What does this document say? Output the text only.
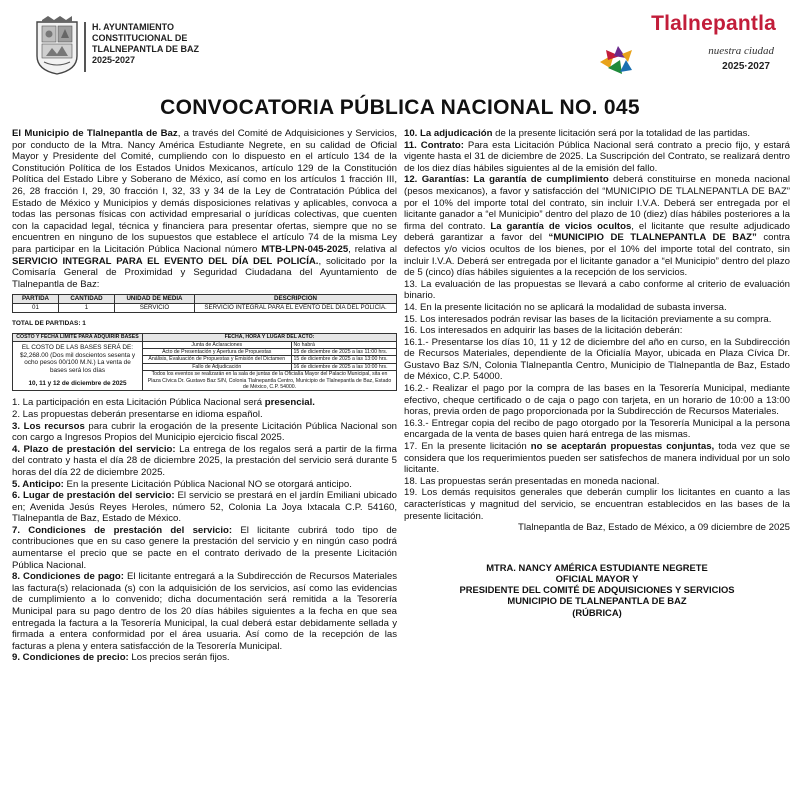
H. AYUNTAMIENTO
CONSTITUCIONAL DE
TLALNEPANTLA DE BAZ
2025-2027
Tlalnepantla
nuestra ciudad
2025·2027
CONVOCATORIA PÚBLICA NACIONAL NO. 045

El Municipio de Tlalnepantla de Baz, a través del Comité de Adquisiciones y Servicios, por conducto de la Mtra. Nancy América Estudiante Negrete, en su calidad de Oficial Mayor y Presidente del Comité, cumpliendo con lo dispuesto en el artículo 134 de la Constitución Política de los Estados Unidos Mexicanos, artículo 129 de la Constitución Política del Estado Libre y Soberano de México, así como en los artículos 1 fracción III, 26, 28 fracción I, 29, 30 fracción I, 32, 33 y 34 de la Ley de Contratación Pública del Estado de México y Municipios y demás disposiciones relativas y aplicables, convoca a todas las personas físicas con actividad empresarial o jurídicas colectivas, que cuenten con la capacidad legal, técnica y financiera para presentar ofertas, siempre que no se encuentren en ninguno de los supuestos que establece el artículo 74 de la misma Ley para participar en la Licitación Pública Nacional número MTB-LPN-045-2025, relativa al SERVICIO INTEGRAL PARA EL EVENTO DEL DÍA DEL POLICÍA., solicitado por la Comisaría General de Proximidad y Seguridad Ciudadana del Ayuntamiento de Tlalnepantla de Baz:

PARTIDA	CANTIDAD	UNIDAD DE MEDIA	DESCRIPCIÓN
01	1	SERVICIO	SERVICIO INTEGRAL PARA EL EVENTO DEL DÍA DEL POLICÍA.
TOTAL DE PARTIDAS: 1
COSTO Y FECHA LÍMITE PARA ADQUIRIR BASES	FECHA, HORA Y LUGAR DEL ACTO:	

EL COSTO DE LAS BASES SERÁ DE: $2,268.00 (Dos mil doscientos sesenta y ocho pesos 00/100 M.N.) La venta de bases será los días
10, 11 y 12 de diciembre de 2025	Junta de Aclaraciones	No habrá
	Acto de Presentación y Apertura de Propuestas	15 de diciembre de 2025 a las 11:00 hrs.
	Análisis, Evaluación de Propuestas y Emisión del Dictamen	15 de diciembre de 2025 a las 13:00 hrs.
	Fallo de Adjudicación	16 de diciembre de 2025 a las 10:00 hrs.
	Todos los eventos se realizarán en la sala de juntas de la Oficialía Mayor del Palacio Municipal, sita en Plaza Cívica Dr. Gustavo Baz S/N, Colonia Tlalnepantla Centro, Municipio de Tlalnepantla de Baz, Estado de México, C.P. 54000.	

1. La participación en esta Licitación Pública Nacional será presencial.

2. Las propuestas deberán presentarse en idioma español.

3. Los recursos para cubrir la erogación de la presente Licitación Pública Nacional son con cargo a Ingresos Propios del Municipio ejercicio fiscal 2025.

4. Plazo de prestación del servicio: La entrega de los regalos será a partir de la firma del contrato y hasta el día 28 de diciembre 2025, la prestación del servicio será durante 5 horas del día 22 de diciembre 2025.

5. Anticipo: En la presente Licitación Pública Nacional NO se otorgará anticipo.

6. Lugar de prestación del servicio: El servicio se prestará en el jardín Emiliani ubicado en; Avenida Jesús Reyes Heroles, número 52, Colonia La Joya Ixtacala C.P. 54160, Tlalnepantla de Baz, Estado de México.

7. Condiciones de prestación del servicio: El licitante cubrirá todo tipo de contribuciones que en su caso genere la prestación del servicio y en ningún caso podrá aumentarse el precio que se pacte en el contrato derivado de la presente Licitación Pública Nacional.

8. Condiciones de pago: El licitante entregará a la Subdirección de Recursos Materiales las factura(s) relacionada (s) con la adquisición de los servicios, así como las evidencias de cumplimiento a lo convenido; dicha documentación será remitida a la Tesorería Municipal para su pago dentro de los 20 días hábiles siguientes a la fecha en que sea entregada la factura a la Tesorería Municipal, la cual deberá estar debidamente sellada y firmada a entera conformidad por el área usuaria. Así como de la recepción de las facturas a plena y entera satisfacción de la Tesorería Municipal.

9. Condiciones de precio: Los precios serán fijos.

10. La adjudicación de la presente licitación será por la totalidad de las partidas.

11. Contrato: Para esta Licitación Pública Nacional será contrato a precio fijo, y estará vigente hasta el 31 de diciembre de 2025. La Suscripción del Contrato, se realizará dentro de los diez días hábiles siguientes al de la emisión del fallo.

12. Garantías: La garantía de cumplimiento deberá constituirse en moneda nacional (pesos mexicanos), a favor y satisfacción del “MUNICIPIO DE TLALNEPANTLA DE BAZ” por el 10% del importe total del contrato, sin incluir I.V.A. Deberá ser entregada por el licitante ganador a “el Municipio” dentro del plazo de 10 (diez) días hábiles posteriores a la firma del contrato. La garantía de vicios ocultos, el licitante que resulte adjudicado deberá garantizar a favor del “MUNICIPIO DE TLALNEPANTLA DE BAZ” contra defectos y/o vicios ocultos de los bienes, por el 10% del importe total del contrato, sin incluir I.V.A. Deberá ser entregada por el licitante ganador a “el Municipio” dentro del plazo de 5 (cinco) días hábiles siguientes a la recepción de los servicios.

13. La evaluación de las propuestas se llevará a cabo conforme al criterio de evaluación binario.

14. En la presente licitación no se aplicará la modalidad de subasta inversa.

15. Los interesados podrán revisar las bases de la licitación previamente a su compra.

16. Los interesados en adquirir las bases de la licitación deberán:

16.1.- Presentarse los días 10, 11 y 12 de diciembre del año en curso, en la Subdirección de Recursos Materiales, dependiente de la Oficialía Mayor, ubicada en Plaza Cívica Dr. Gustavo Baz S/N, Colonia Tlalnepantla Centro, Municipio de Tlalnepantla de Baz, Estado de México, C.P. 54000.

16.2.- Realizar el pago por la compra de las bases en la Tesorería Municipal, mediante efectivo, cheque certificado o de caja o pago con tarjeta, en un horario de 10:00 a 13:00 horas, previa orden de pago proporcionada por la Subdirección de Recursos Materiales.

16.3.- Entregar copia del recibo de pago otorgado por la Tesorería Municipal a la persona encargada de la venta de bases quien hará entrega de las mismas.

17. En la presente licitación no se aceptarán propuestas conjuntas, toda vez que se considera que los requerimientos pueden ser satisfechos de manera individual por un solo licitante.

18. Las propuestas serán presentadas en moneda nacional.

19. Los demás requisitos generales que deberán cumplir los licitantes en cuanto a las características y magnitud del servicio, se encuentran establecidos en las bases de la presente licitación.

Tlalnepantla de Baz, Estado de México, a 09 diciembre de 2025

MTRA. NANCY AMÉRICA ESTUDIANTE NEGRETE
OFICIAL MAYOR Y
PRESIDENTE DEL COMITÉ DE ADQUISICIONES Y SERVICIOS
MUNICIPIO DE TLALNEPANTLA DE BAZ
(RÚBRICA)
